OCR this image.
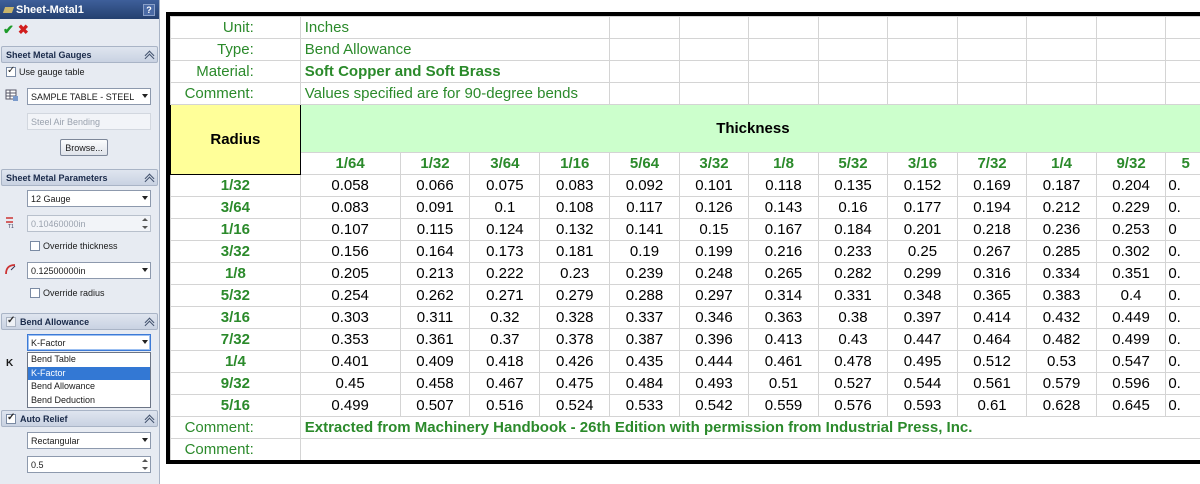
Sheet-Metal1	?
✔ ✖
Sheet Metal Gauges
✓
Use gauge table
SAMPLE TABLE - STEEL
Steel Air Bending
Browse...
Sheet Metal Parameters
12 Gauge
Т1 0.10460000in
Override thickness
0.12500000in
Override radius
✓
Bend Allowance
K-Factor
K	Bend Table
K-Factor
Bend Allowance
Bend Deduction
✓
Auto Relief
Rectangular
0.5
Unit:	Inches												
Type:	Bend Allowance												
Material:	Soft Copper and Soft Brass												
Comment:	Values specified are for 90-degree bends												
Radius	Thickness												
	1/64	1/32	3/64	1/16	5/64	3/32	1/8	5/32	3/16	7/32	1/4	9/32	5
1/32	0.058	0.066	0.075	0.083	0.092	0.101	0.118	0.135	0.152	0.169	0.187	0.204	0.
3/64	0.083	0.091	0.1	0.108	0.117	0.126	0.143	0.16	0.177	0.194	0.212	0.229	0.
1/16	0.107	0.115	0.124	0.132	0.141	0.15	0.167	0.184	0.201	0.218	0.236	0.253	0
3/32	0.156	0.164	0.173	0.181	0.19	0.199	0.216	0.233	0.25	0.267	0.285	0.302	0.
1/8	0.205	0.213	0.222	0.23	0.239	0.248	0.265	0.282	0.299	0.316	0.334	0.351	0.
5/32	0.254	0.262	0.271	0.279	0.288	0.297	0.314	0.331	0.348	0.365	0.383	0.4	0.
3/16	0.303	0.311	0.32	0.328	0.337	0.346	0.363	0.38	0.397	0.414	0.432	0.449	0.
7/32	0.353	0.361	0.37	0.378	0.387	0.396	0.413	0.43	0.447	0.464	0.482	0.499	0.
1/4	0.401	0.409	0.418	0.426	0.435	0.444	0.461	0.478	0.495	0.512	0.53	0.547	0.
9/32	0.45	0.458	0.467	0.475	0.484	0.493	0.51	0.527	0.544	0.561	0.579	0.596	0.
5/16	0.499	0.507	0.516	0.524	0.533	0.542	0.559	0.576	0.593	0.61	0.628	0.645	0.
Comment:	Extracted from Machinery Handbook - 26th Edition with permission from Industrial Press, Inc.												
Comment:													
